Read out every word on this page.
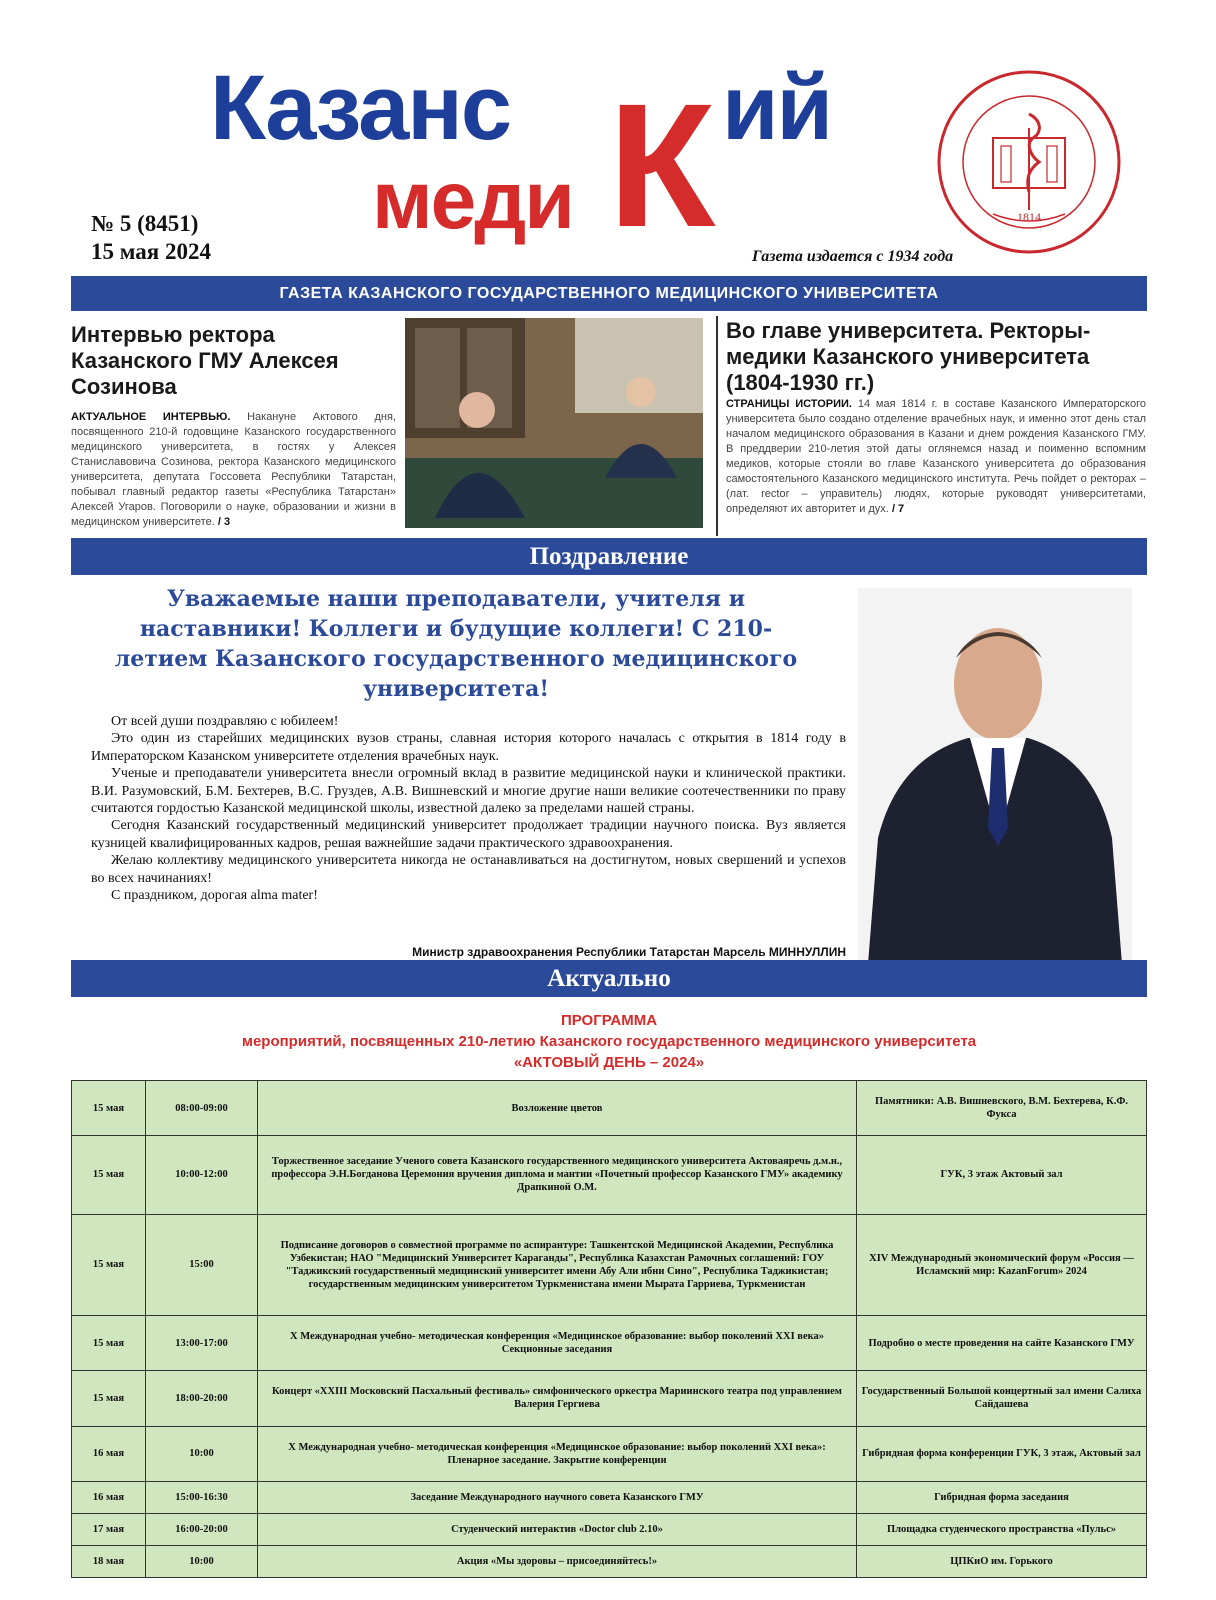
Казанс К ий
меди
№ 5 (8451)
15 мая 2024	Газета издается с 1934 года
1814
ГАЗЕТА КАЗАНСКОГО ГОСУДАРСТВЕННОГО МЕДИЦИНСКОГО УНИВЕРСИТЕТА
Интервью ректора Казанского ГМУ Алексея Созинова
АКТУАЛЬНОЕ ИНТЕРВЬЮ. Накануне Актового дня, посвященного 210-й годовщине Казанского государственного медицинского университета, в гостях у Алексея Станиславовича Созинова, ректора Казанского медицинского университета, депутата Госсовета Республики Татарстан, побывал главный редактор газеты «Республика Татарстан» Алексей Угаров. Поговорили о науке, образовании и жизни в медицинском университете. / 3
Во главе университета. Ректоры-медики Казанского университета (1804-1930 гг.)
СТРАНИЦЫ ИСТОРИИ. 14 мая 1814 г. в составе Казанского Императорского университета было создано отделение врачебных наук, и именно этот день стал началом медицинского образования в Казани и днем рождения Казанского ГМУ. В преддверии 210-летия этой даты оглянемся назад и поименно вспомним медиков, которые стояли во главе Казанского университета до образования самостоятельного Казанского медицинского института. Речь пойдет о ректорах – (лат. rector – управитель) людях, которые руководят университетами, определяют их авторитет и дух. / 7
Поздравление
Уважаемые наши преподаватели, учителя и наставники! Коллеги и будущие коллеги! С 210-летием Казанского государственного медицинского университета!

От всей души поздравляю с юбилеем!

Это один из старейших медицинских вузов страны, славная история которого началась с открытия в 1814 году в Императорском Казанском университете отделения врачебных наук.

Ученые и преподаватели университета внесли огромный вклад в развитие медицинской науки и клинической практики. В.И. Разумовский, Б.М. Бехтерев, В.С. Груздев, А.В. Вишневский и многие другие наши великие соотечественники по праву считаются гордостью Казанской медицинской школы, известной далеко за пределами нашей страны.

Сегодня Казанский государственный медицинский университет продолжает традиции научного поиска. Вуз является кузницей квалифицированных кадров, решая важнейшие задачи практического здравоохранения.

Желаю коллективу медицинского университета никогда не останавливаться на достигнутом, новых свершений и успехов во всех начинаниях!

С праздником, дорогая alma mater!

Министр здравоохранения Республики Татарстан Марсель МИННУЛЛИН
Актуально
ПРОГРАММА
мероприятий, посвященных 210-летию Казанского государственного медицинского университета
«АКТОВЫЙ ДЕНЬ – 2024»
15 мая	08:00-09:00	Возложение цветов	Памятники: А.В. Вишневского, В.М. Бехтерева, К.Ф. Фукса
15 мая	10:00-12:00	Торжественное заседание Ученого совета Казанского государственного медицинского университета Актоваяречь д.м.н., профессора Э.Н.Богданова Церемония вручения диплома и мантии «Почетный профессор Казанского ГМУ» академику Драпкиной О.М.	ГУК, 3 этаж Актовый зал
15 мая	15:00	Подписание договоров о совместной программе по аспирантуре: Ташкентской Медицинской Академии, Республика Узбекистан; НАО "Медицинский Университет Караганды", Республика Казахстан Рамочных соглашений: ГОУ "Таджикский государственный медицинский университет имени Абу Али ибни Сино", Республика Таджикистан; государственным медицинским университетом Туркменистана имени Мырата Гарриева, Туркменистан	XIV Международный экономический форум «Россия — Исламский мир: KazanForum» 2024
15 мая	13:00-17:00	X Международная учебно- методическая конференция «Медицинское образование: выбор поколений XXI века» Секционные заседания	Подробно о месте проведения на сайте Казанского ГМУ
15 мая	18:00-20:00	Концерт «XXIII Московский Пасхальный фестиваль» симфонического оркестра Мариинского театра под управлением Валерия Гергиева	Государственный Большой концертный зал имени Салиха Сайдашева
16 мая	10:00	X Международная учебно- методическая конференция «Медицинское образование: выбор поколений XXI века»: Пленарное заседание. Закрытие конференции	Гибридная форма конференции ГУК, 3 этаж, Актовый зал
16 мая	15:00-16:30	Заседание Международного научного совета Казанского ГМУ	Гибридная форма заседания
17 мая	16:00-20:00	Студенческий интерактив «Doctor club 2.10»	Площадка студенческого пространства «Пульс»
18 мая	10:00	Акция «Мы здоровы – присоединяйтесь!»	ЦПКиО им. Горького
